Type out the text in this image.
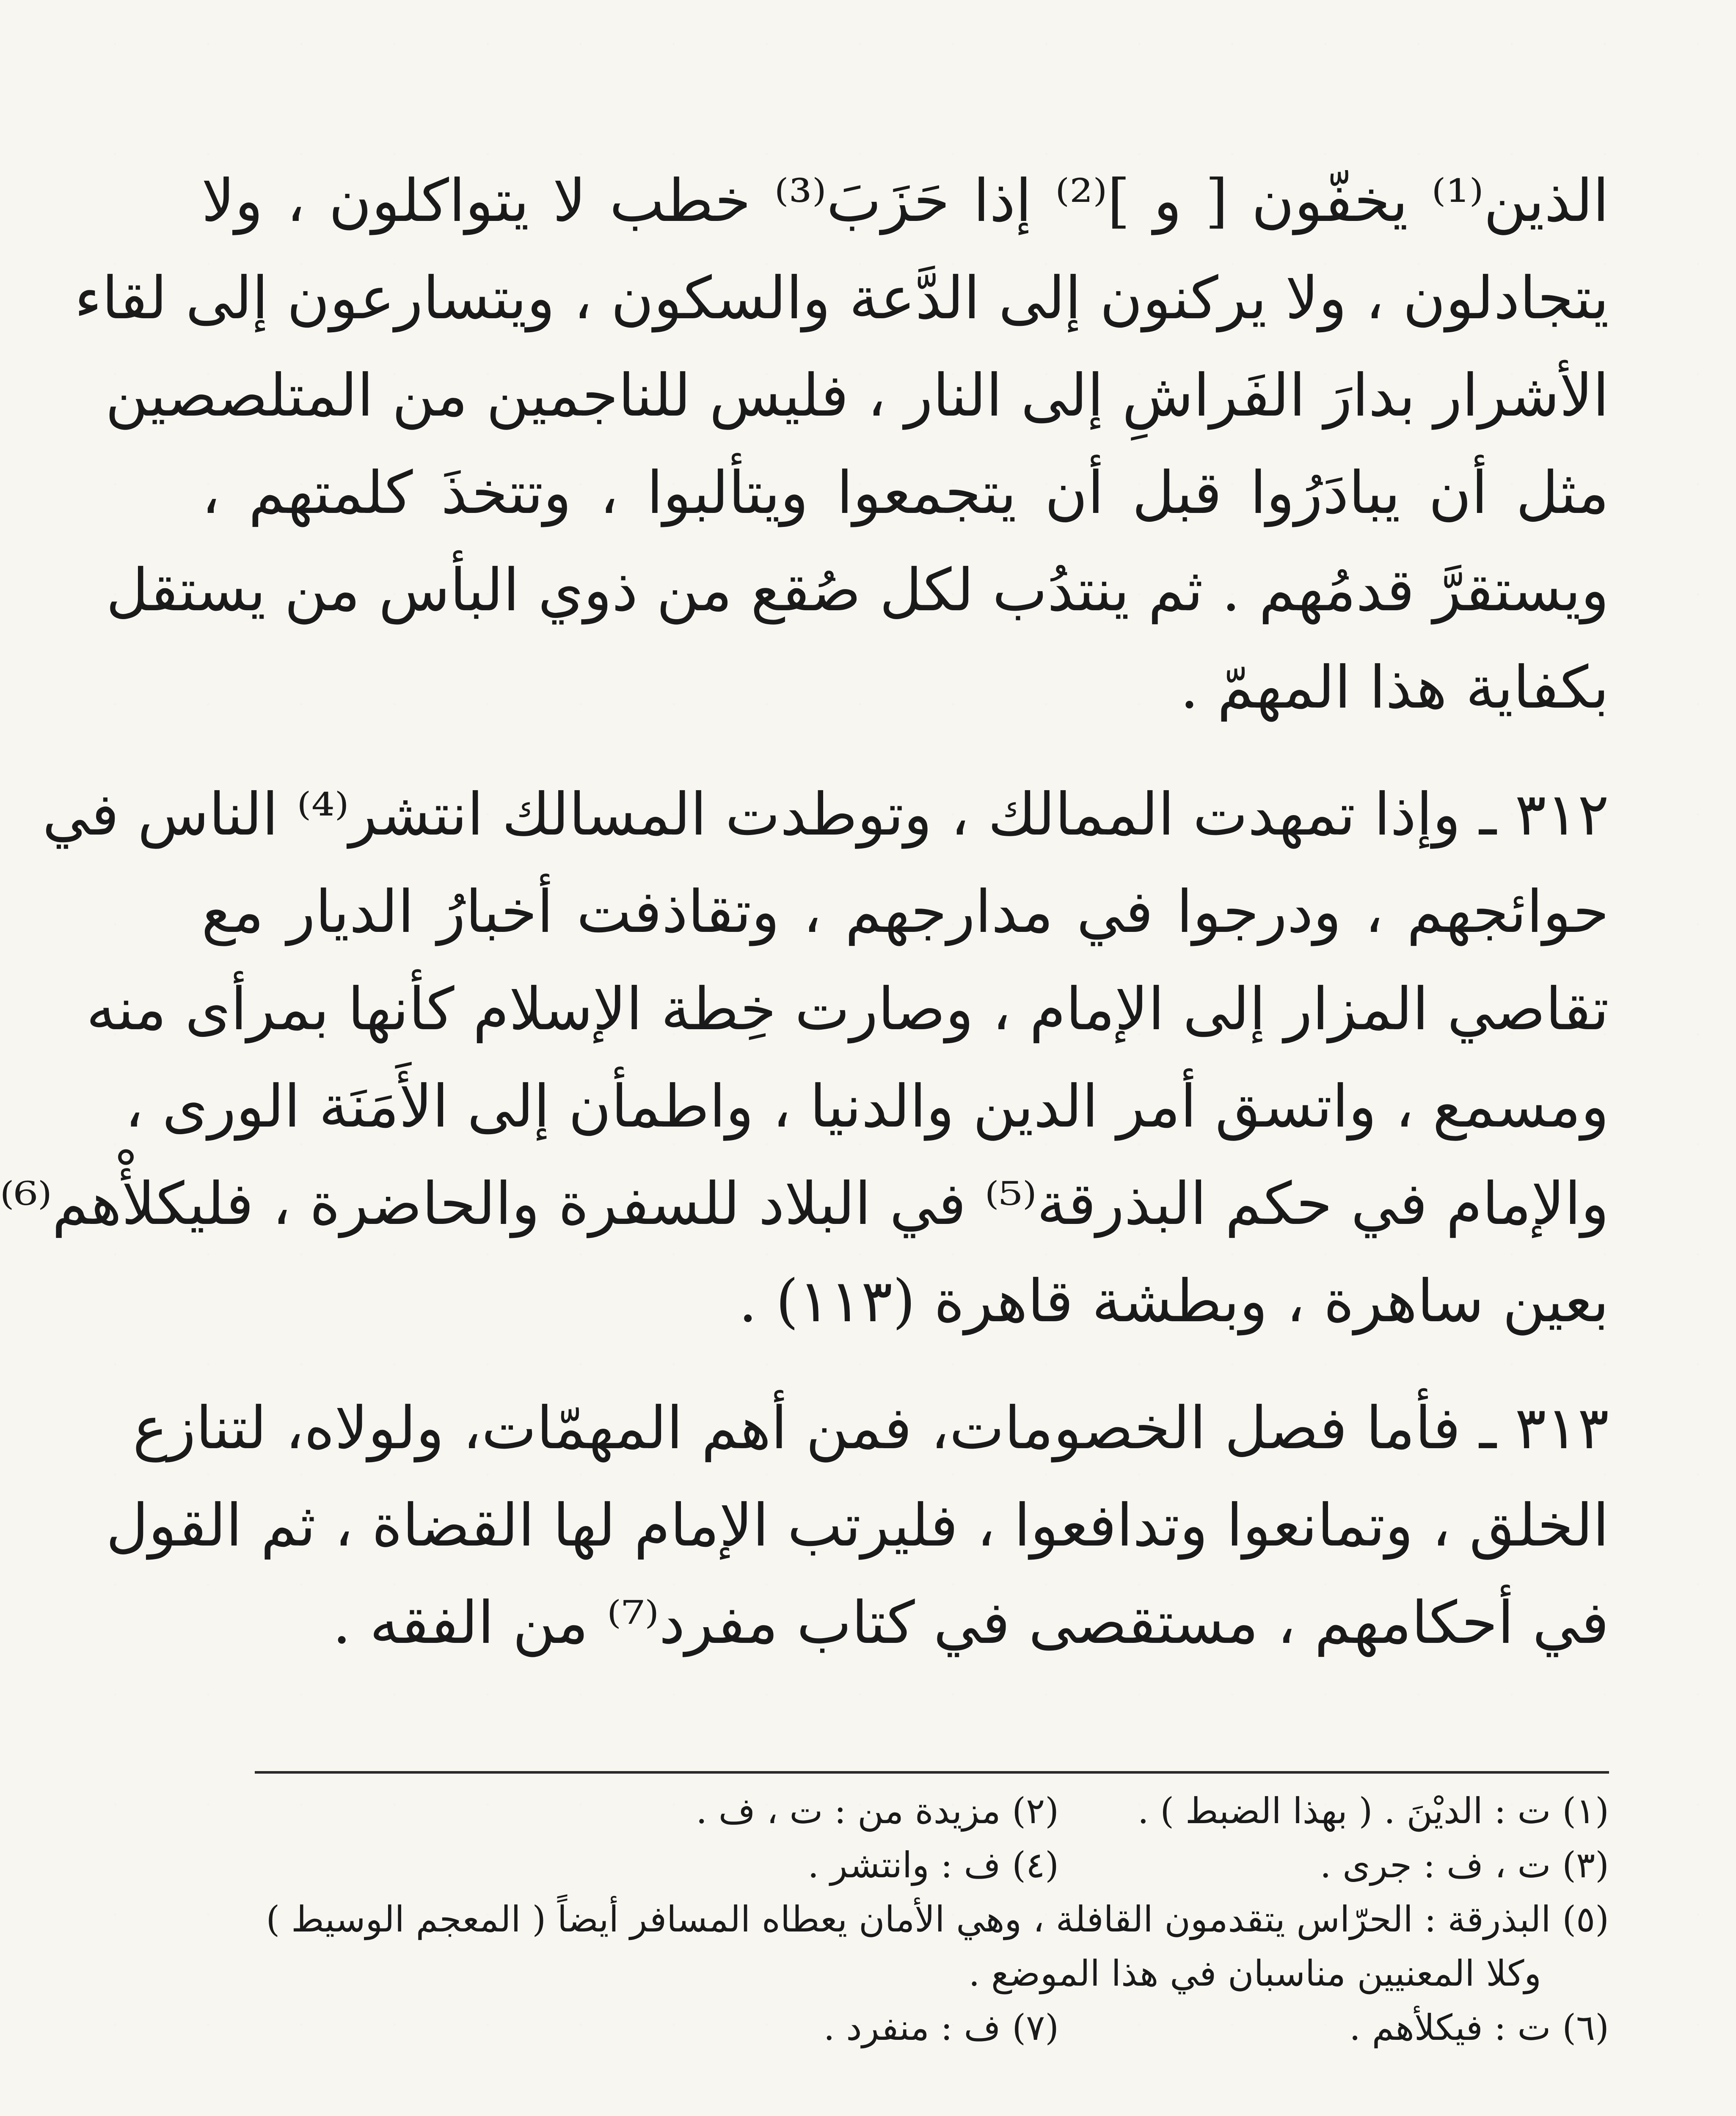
الذين⁽¹⁾ يخفّون [ و ]⁽²⁾ إذا حَزَبَ⁽³⁾ خطب لا يتواكلون ، ولا
يتجادلون ، ولا يركنون إلى الدَّعة والسكون ، ويتسارعون إلى لقاء
الأشرار بدارَ الفَراشِ إلى النار ، فليس للناجمين من المتلصصين
مثل أن يبادَرُوا قبل أن يتجمعوا ويتألبوا ، وتتخذَ كلمتهم ،
ويستقرَّ قدمُهم . ثم ينتدُب لكل صُقع من ذوي البأس من يستقل
بكفاية هذا المهمّ .
٣١٢ ـ وإذا تمهدت الممالك ، وتوطدت المسالك انتشر⁽⁴⁾ الناس في
حوائجهم ، ودرجوا في مدارجهم ، وتقاذفت أخبارُ الديار مع
تقاصي المزار إلى الإمام ، وصارت خِطة الإسلام كأنها بمرأى منه
ومسمع ، واتسق أمر الدين والدنيا ، واطمأن إلى الأَمَنَة الورى ،
والإمام في حكم البذرقة⁽⁵⁾ في البلاد للسفرة والحاضرة ، فليكلأْهم⁽⁶⁾
بعين ساهرة ، وبطشة قاهرة (١١٣) .
٣١٣ ـ فأما فصل الخصومات، فمن أهم المهمّات، ولولاه، لتنازع
الخلق ، وتمانعوا وتدافعوا ، فليرتب الإمام لها القضاة ، ثم القول
في أحكامهم ، مستقصى في كتاب مفرد⁽⁷⁾ من الفقه .
(١) ت : الديْنَ . ( بهذا الضبط ) .
(٢) مزيدة من : ت ، ف .
(٣) ت ، ف : جرى .
(٤) ف : وانتشر .
(٥) البذرقة : الحرّاس يتقدمون القافلة ، وهي الأمان يعطاه المسافر أيضاً ( المعجم الوسيط )
وكلا المعنيين مناسبان في هذا الموضع .
(٦) ت : فيكلأهم .
(٧) ف : منفرد .
